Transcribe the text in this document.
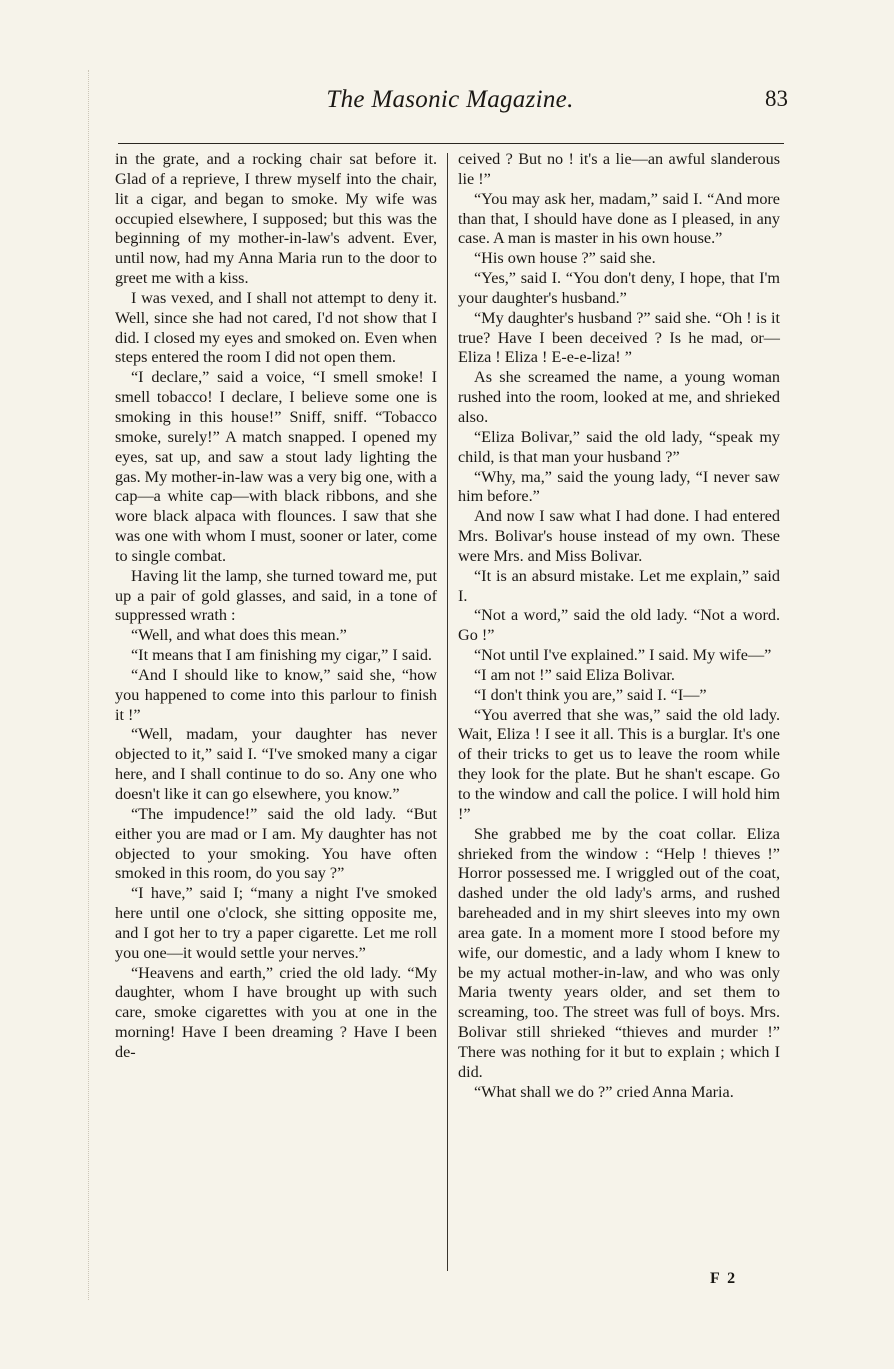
The Masonic Magazine.	83

in the grate, and a rocking chair sat before it. Glad of a reprieve, I threw myself into the chair, lit a cigar, and began to smoke. My wife was occupied elsewhere, I supposed; but this was the beginning of my mother-in-law's advent. Ever, until now, had my Anna Maria run to the door to greet me with a kiss.

I was vexed, and I shall not attempt to deny it. Well, since she had not cared, I'd not show that I did. I closed my eyes and smoked on. Even when steps entered the room I did not open them.

“I declare,” said a voice, “I smell smoke! I smell tobacco! I declare, I believe some one is smoking in this house!” Sniff, sniff. “Tobacco smoke, surely!” A match snapped. I opened my eyes, sat up, and saw a stout lady lighting the gas. My mother-in-law was a very big one, with a cap—a white cap—with black ribbons, and she wore black alpaca with flounces. I saw that she was one with whom I must, sooner or later, come to single combat.

Having lit the lamp, she turned toward me, put up a pair of gold glasses, and said, in a tone of suppressed wrath :

“Well, and what does this mean.”

“It means that I am finishing my cigar,” I said.

“And I should like to know,” said she, “how you happened to come into this parlour to finish it !”

“Well, madam, your daughter has never objected to it,” said I. “I've smoked many a cigar here, and I shall continue to do so. Any one who doesn't like it can go elsewhere, you know.”

“The impudence!” said the old lady. “But either you are mad or I am. My daughter has not objected to your smoking. You have often smoked in this room, do you say ?”

“I have,” said I; “many a night I've smoked here until one o'clock, she sitting opposite me, and I got her to try a paper cigarette. Let me roll you one—it would settle your nerves.”

“Heavens and earth,” cried the old lady. “My daughter, whom I have brought up with such care, smoke cigarettes with you at one in the morning! Have I been dreaming ? Have I been de-

ceived ? But no ! it's a lie—an awful slanderous lie !”

“You may ask her, madam,” said I. “And more than that, I should have done as I pleased, in any case. A man is master in his own house.”

“His own house ?” said she.

“Yes,” said I. “You don't deny, I hope, that I'm your daughter's husband.”

“My daughter's husband ?” said she. “Oh ! is it true? Have I been deceived ? Is he mad, or—Eliza ! Eliza ! E-e-e-liza! ”

As she screamed the name, a young woman rushed into the room, looked at me, and shrieked also.

“Eliza Bolivar,” said the old lady, “speak my child, is that man your husband ?”

“Why, ma,” said the young lady, “I never saw him before.”

And now I saw what I had done. I had entered Mrs. Bolivar's house instead of my own. These were Mrs. and Miss Bolivar.

“It is an absurd mistake. Let me explain,” said I.

“Not a word,” said the old lady. “Not a word. Go !”

“Not until I've explained.” I said. My wife—”

“I am not !” said Eliza Bolivar.

“I don't think you are,” said I. “I—”

“You averred that she was,” said the old lady. Wait, Eliza ! I see it all. This is a burglar. It's one of their tricks to get us to leave the room while they look for the plate. But he shan't escape. Go to the window and call the police. I will hold him !”

She grabbed me by the coat collar. Eliza shrieked from the window : “Help ! thieves !” Horror possessed me. I wriggled out of the coat, dashed under the old lady's arms, and rushed bareheaded and in my shirt sleeves into my own area gate. In a moment more I stood before my wife, our domestic, and a lady whom I knew to be my actual mother-in-law, and who was only Maria twenty years older, and set them to screaming, too. The street was full of boys. Mrs. Bolivar still shrieked “thieves and murder !” There was nothing for it but to explain ; which I did.

“What shall we do ?” cried Anna Maria.

F 2
